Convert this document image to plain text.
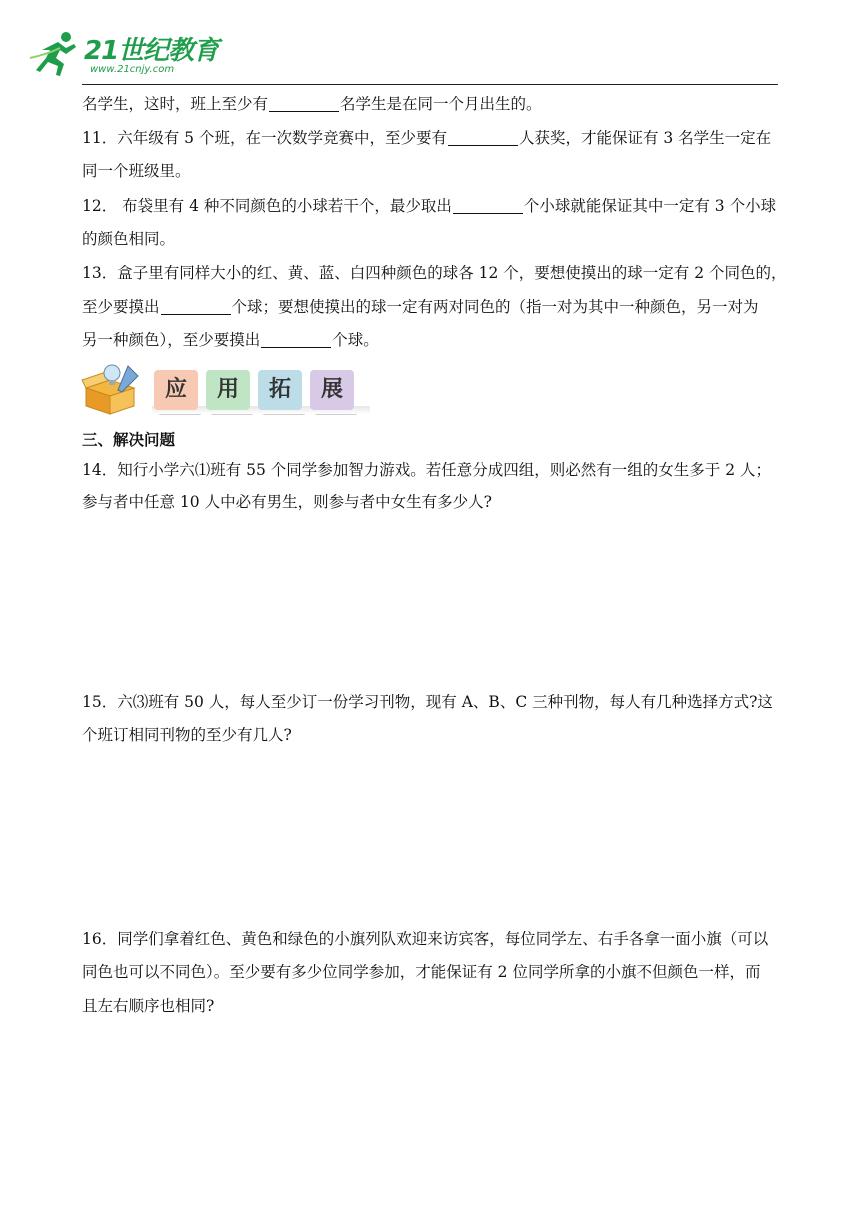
21世纪教育
www.21cnjy.com
名学生，这时，班上至少有	名学生是在同一个月出生的。
11．六年级有 5 个班，在一次数学竞赛中，至少要有	人获奖，才能保证有 3 名学生一定在
同一个班级里。
12． 布袋里有 4 种不同颜色的小球若干个，最少取出	个小球就能保证其中一定有 3 个小球
的颜色相同。
13．盒子里有同样大小的红、黄、蓝、白四种颜色的球各 12 个，要想使摸出的球一定有 2 个同色的，
至少要摸出	个球；要想使摸出的球一定有两对同色的（指一对为其中一种颜色，另一对为
另一种颜色），至少要摸出	个球。
应	用	拓	展
三、解决问题
14．知行小学六⑴班有 55 个同学参加智力游戏。若任意分成四组，则必然有一组的女生多于 2 人；
参与者中任意 10 人中必有男生，则参与者中女生有多少人?
15．六⑶班有 50 人，每人至少订一份学习刊物，现有 A、B、C 三种刊物，每人有几种选择方式?这
个班订相同刊物的至少有几人?
16．同学们拿着红色、黄色和绿色的小旗列队欢迎来访宾客，每位同学左、右手各拿一面小旗（可以
同色也可以不同色）。至少要有多少位同学参加，才能保证有 2 位同学所拿的小旗不但颜色一样，而
且左右顺序也相同?
